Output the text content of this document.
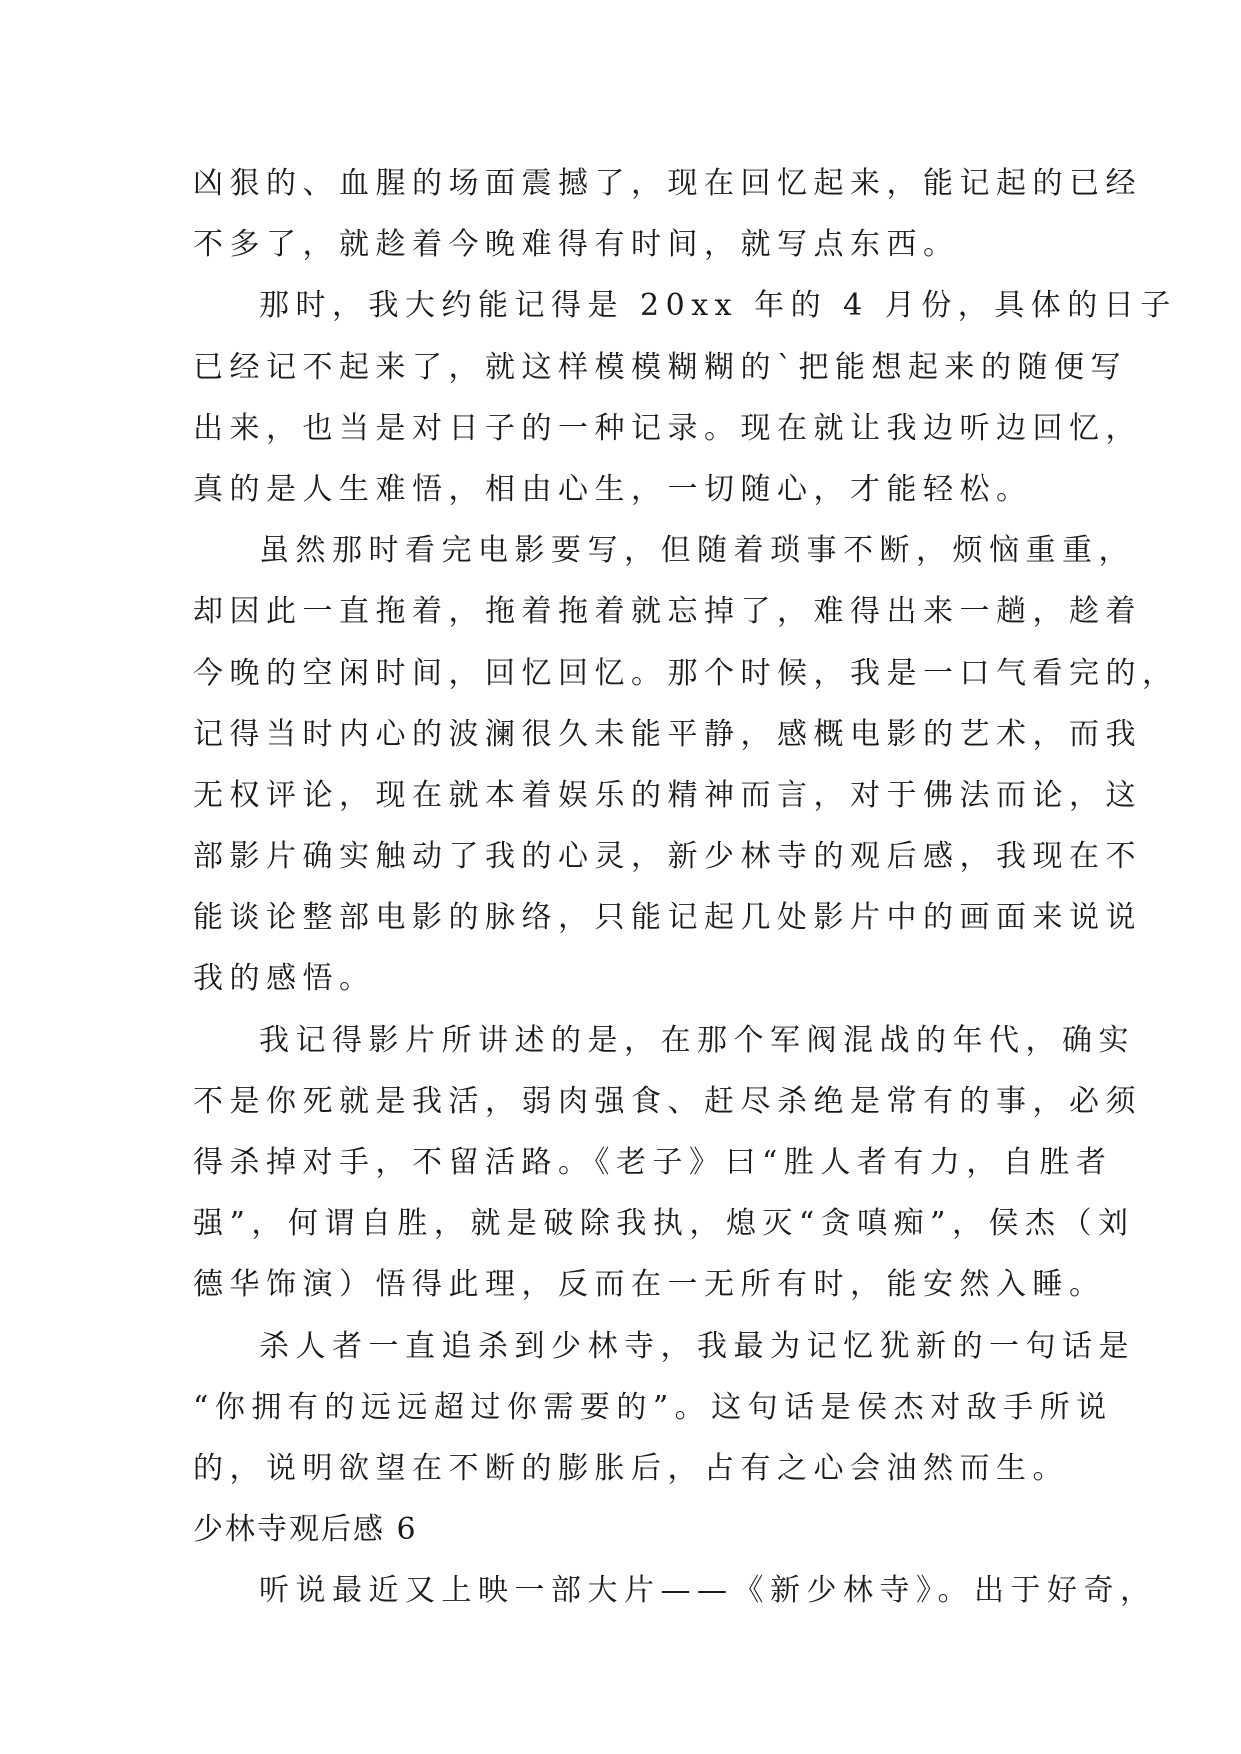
凶狠的、血腥的场面震撼了，现在回忆起来，能记起的已经
不多了，就趁着今晚难得有时间，就写点东西。
那时，我大约能记得是 20xx 年的 4 月份，具体的日子
已经记不起来了，就这样模模糊糊的`把能想起来的随便写
出来，也当是对日子的一种记录。现在就让我边听边回忆，
真的是人生难悟，相由心生，一切随心，才能轻松。
虽然那时看完电影要写，但随着琐事不断，烦恼重重，
却因此一直拖着，拖着拖着就忘掉了，难得出来一趟，趁着
今晚的空闲时间，回忆回忆。那个时候，我是一口气看完的，
记得当时内心的波澜很久未能平静，感概电影的艺术，而我
无权评论，现在就本着娱乐的精神而言，对于佛法而论，这
部影片确实触动了我的心灵，新少林寺的观后感，我现在不
能谈论整部电影的脉络，只能记起几处影片中的画面来说说
我的感悟。
我记得影片所讲述的是，在那个军阀混战的年代，确实
不是你死就是我活，弱肉强食、赶尽杀绝是常有的事，必须
得杀掉对手，不留活路。《老子》曰“胜人者有力，自胜者
强”，何谓自胜，就是破除我执，熄灭“贪嗔痴”，侯杰（刘
德华饰演）悟得此理，反而在一无所有时，能安然入睡。
杀人者一直追杀到少林寺，我最为记忆犹新的一句话是
“你拥有的远远超过你需要的”。这句话是侯杰对敌手所说
的，说明欲望在不断的膨胀后，占有之心会油然而生。
少林寺观后感 6
听说最近又上映一部大片——《新少林寺》。出于好奇，
